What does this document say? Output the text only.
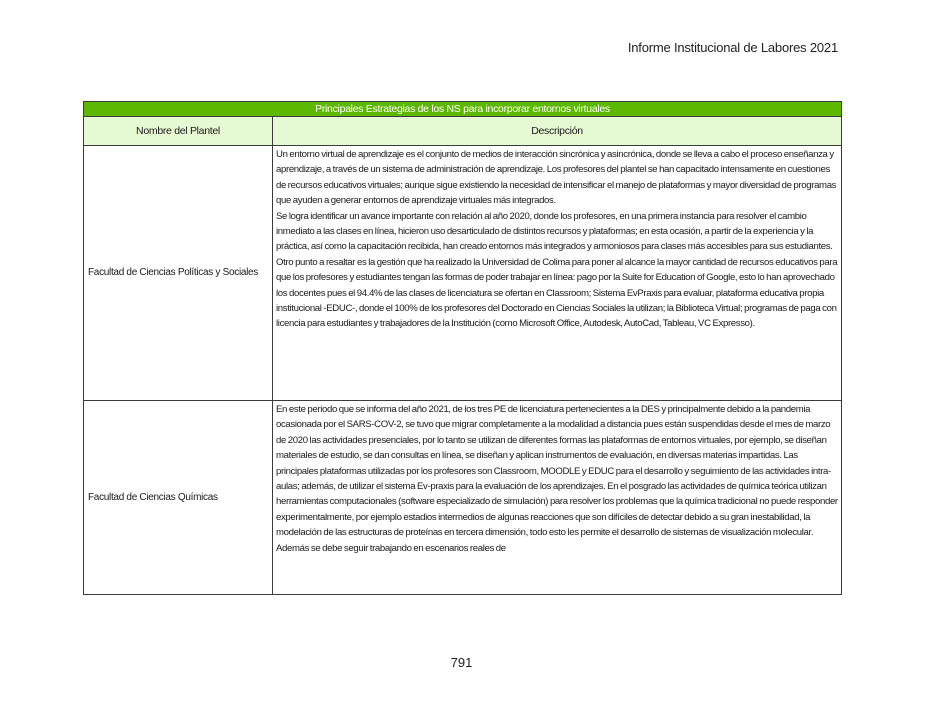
Informe Institucional de Labores 2021
Principales Estrategias de los NS para incorporar entornos virtuales	
Nombre del Plantel	Descripción
Facultad de Ciencias Políticas y Sociales	Un entorno virtual de aprendizaje es el conjunto de medios de interacción sincrónica y asincrónica, donde se lleva a cabo el proceso enseñanza y aprendizaje, a través de un sistema de administración de aprendizaje. Los profesores del plantel se han capacitado intensamente en cuestiones de recursos educativos virtuales; aunque sigue existiendo la necesidad de intensificar el manejo de plataformas y mayor diversidad de programas que ayuden a generar entornos de aprendizaje virtuales más integrados.

Se logra identificar un avance importante con relación al año 2020, donde los profesores, en una primera instancia para resolver el cambio inmediato a las clases en línea, hicieron uso desarticulado de distintos recursos y plataformas; en esta ocasión, a partir de la experiencia y la práctica, así como la capacitación recibida, han creado entornos más integrados y armoniosos para clases más accesibles para sus estudiantes.

Otro punto a resaltar es la gestión que ha realizado la Universidad de Colima para poner al alcance la mayor cantidad de recursos educativos para que los profesores y estudiantes tengan las formas de poder trabajar en línea: pago por la Suite for Education of Google, esto lo han aprovechado los docentes pues el 94.4% de las clases de licenciatura se ofertan en Classroom; Sistema EvPraxis para evaluar, plataforma educativa propia institucional -EDUC-, donde el 100% de los profesores del Doctorado en Ciencias Sociales la utilizan; la Biblioteca Virtual; programas de paga con licencia para estudiantes y trabajadores de la Institución (como Microsoft Office, Autodesk, AutoCad, Tableau, VC Expresso).

Facultad de Ciencias Químicas	En este periodo que se informa del año 2021, de los tres PE de licenciatura pertenecientes a la DES y principalmente debido a la pandemia ocasionada por el SARS-COV-2, se tuvo que migrar completamente a la modalidad a distancia pues están suspendidas desde el mes de marzo de 2020 las actividades presenciales, por lo tanto se utilizan de diferentes formas las plataformas de entornos virtuales, por ejemplo, se diseñan materiales de estudio, se dan consultas en línea, se diseñan y aplican instrumentos de evaluación, en diversas materias impartidas. Las principales plataformas utilizadas por los profesores son Classroom, MOODLE y EDUC para el desarrollo y seguimiento de las actividades intra-aulas; además, de utilizar el sistema Ev-praxis para la evaluación de los aprendizajes. En el posgrado las actividades de química teórica utilizan herramientas computacionales (software especializado de simulación) para resolver los problemas que la química tradicional no puede responder experimentalmente, por ejemplo estadios intermedios de algunas reacciones que son difíciles de detectar debido a su gran inestabilidad, la modelación de las estructuras de proteínas en tercera dimensión, todo esto les permite el desarrollo de sistemas de visualización molecular. Además se debe seguir trabajando en escenarios reales de

791
